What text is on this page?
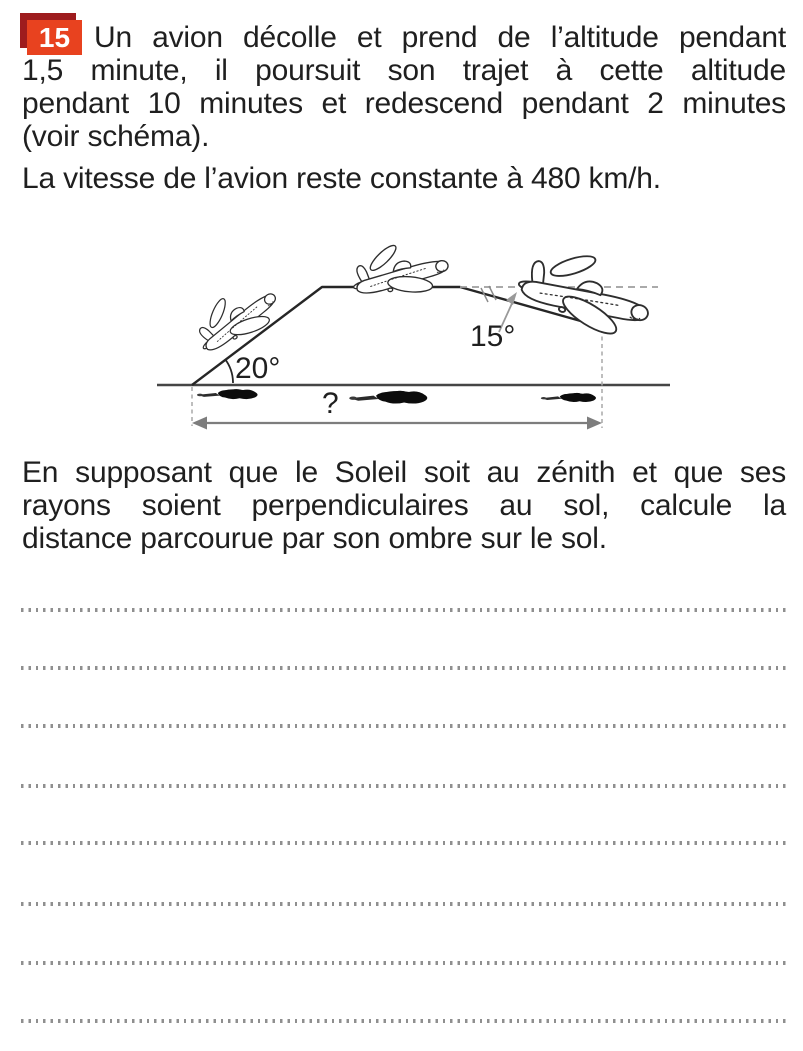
15 Un avion décolle et prend de l’altitude pendant
1,5 minute, il poursuit son trajet à cette altitude
pendant 10 minutes et redescend pendant 2 minutes
(voir schéma).
La vitesse de l’avion reste constante à 480 km/h.
20°
15°
?
En supposant que le Soleil soit au zénith et que ses
rayons soient perpendiculaires au sol, calcule la
distance parcourue par son ombre sur le sol.
